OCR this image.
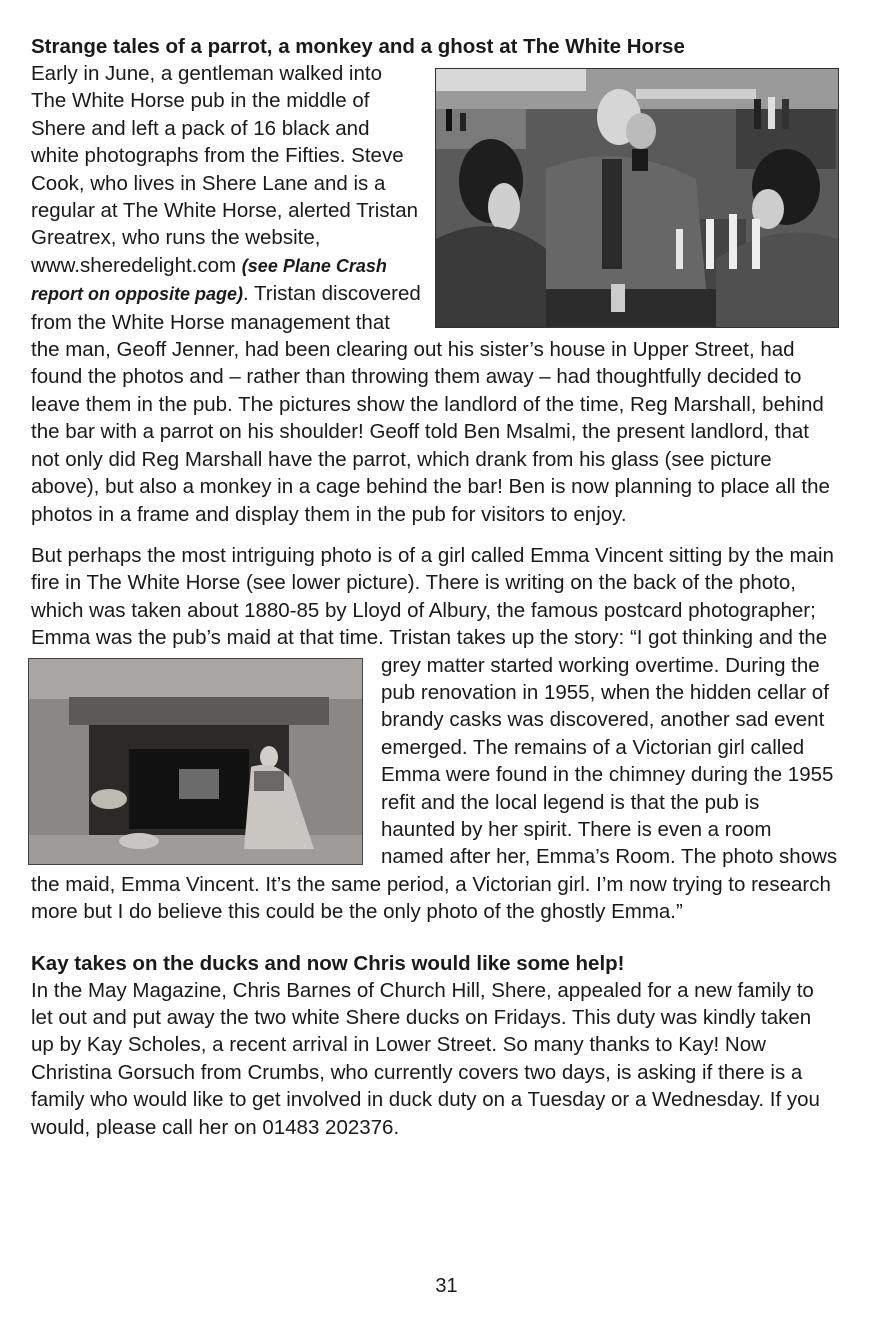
Strange tales of a parrot, a monkey and a ghost at The White Horse

Early in June, a gentleman walked into The White Horse pub in the middle of Shere and left a pack of 16 black and white photographs from the Fifties. Steve Cook, who lives in Shere Lane and is a regular at The White Horse, alerted Tristan Greatrex, who runs the website, www.sheredelight.com (see Plane Crash report on opposite page). Tristan discovered from the White Horse management that the man, Geoff Jenner, had been clearing out his sister’s house in Upper Street, had found the photos and – rather than throwing them away – had thoughtfully decided to leave them in the pub. The pictures show the landlord of the time, Reg Marshall, behind the bar with a parrot on his shoulder! Geoff told Ben Msalmi, the present landlord, that not only did Reg Marshall have the parrot, which drank from his glass (see picture above), but also a monkey in a cage behind the bar! Ben is now planning to place all the photos in a frame and display them in the pub for visitors to enjoy.

But perhaps the most intriguing photo is of a girl called Emma Vincent sitting by the main fire in The White Horse (see lower picture). There is writing on the back of the photo, which was taken about 1880-85 by Lloyd of Albury, the famous postcard photographer; Emma was the pub’s maid at that time. Tristan takes up the story: “I got thinking and the grey matter started working overtime.
During the pub renovation in 1955, when the hidden cellar of brandy casks was discovered, another sad event emerged. The remains of a Victorian girl called Emma were found in the chimney during the 1955 refit and the local legend is that the pub is haunted by her spirit. There is even a room named after her, Emma’s Room. The photo shows the maid, Emma Vincent. It’s the same period, a Victorian girl. I’m now trying to research more but I do believe this could be the only photo of the ghostly Emma.”

Kay takes on the ducks and now Chris would like some help!

In the May Magazine, Chris Barnes of Church Hill, Shere, appealed for a new family to let out and put away the two white Shere ducks on Fridays. This duty was kindly taken up by Kay Scholes, a recent arrival in Lower Street. So many thanks to Kay! Now Christina Gorsuch from Crumbs, who currently covers two days, is asking if there is a family who would like to get involved in duck duty on a Tuesday or a Wednesday. If you would, please call her on 01483 202376.

31
